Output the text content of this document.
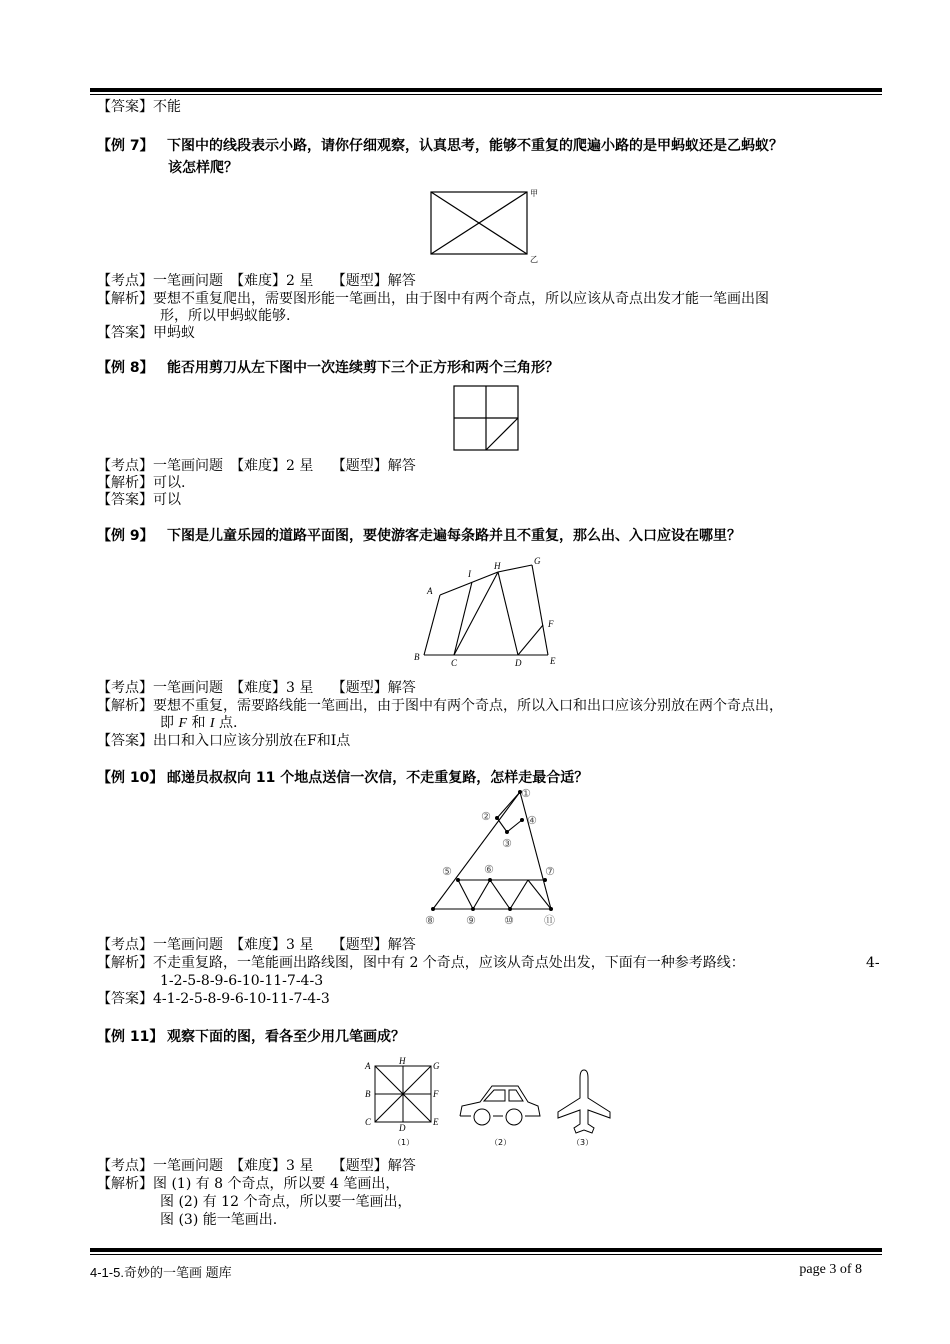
【答案】不能
【例 7】 下图中的线段表示小路，请你仔细观察，认真思考，能够不重复的爬遍小路的是甲蚂蚁还是乙蚂蚁？
该怎样爬？
甲
乙
【考点】一笔画问题　【难度】2 星　 【题型】解答
【解析】要想不重复爬出，需要图形能一笔画出，由于图中有两个奇点，所以应该从奇点出发才能一笔画出图
形，所以甲蚂蚁能够.
【答案】甲蚂蚁
【例 8】 能否用剪刀从左下图中一次连续剪下三个正方形和两个三角形？
【考点】一笔画问题　【难度】2 星　 【题型】解答
【解析】可以.
【答案】可以
【例 9】 下图是儿童乐园的道路平面图，要使游客走遍每条路并且不重复，那么出、入口应设在哪里？
A
B
C	D	E
F
G
H
I
【考点】一笔画问题　【难度】3 星　 【题型】解答
【解析】要想不重复，需要路线能一笔画出，由于图中有两个奇点，所以入口和出口应该分别放在两个奇点出，
即 F 和 I 点.
【答案】出口和入口应该分别放在F和I点
【例 10】 邮递员叔叔向 11 个地点送信一次信，不走重复路，怎样走最合适？
①
②
③
④
⑤	⑥	⑦
⑧	⑨	⑩	⑪
【考点】一笔画问题　【难度】3 星　 【题型】解答
【解析】不走重复路，一笔能画出路线图，图中有 2 个奇点，应该从奇点处出发，下面有一种参考路线：	4-
1-2-5-8-9-6-10-11-7-4-3
【答案】4-1-2-5-8-9-6-10-11-7-4-3
【例 11】 观察下面的图，看各至少用几笔画成？
A	H	G
B	F
C
D
E
（1）	（2）	（3）
【考点】一笔画问题　【难度】3 星　 【题型】解答
【解析】图 (1) 有 8 个奇点，所以要 4 笔画出，
图 (2) 有 12 个奇点，所以要一笔画出，
图 (3) 能一笔画出.
4-1-5.奇妙的一笔画 题库	page 3 of 8
